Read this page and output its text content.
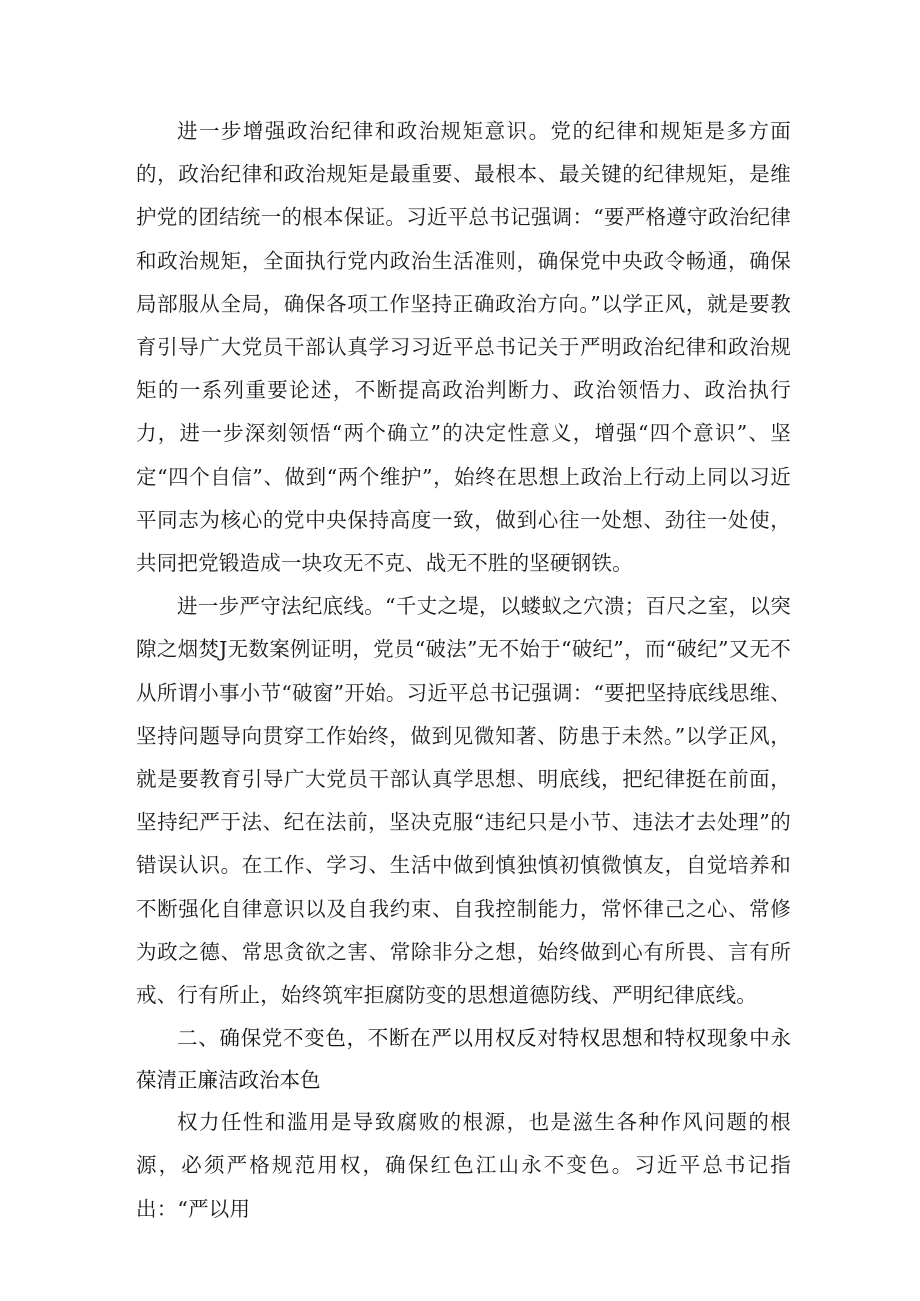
进一步增强政治纪律和政治规矩意识。党的纪律和规矩是多方面的，政治纪律和政治规矩是最重要、最根本、最关键的纪律规矩，是维护党的团结统一的根本保证。习近平总书记强调：“要严格遵守政治纪律和政治规矩，全面执行党内政治生活准则，确保党中央政令畅通，确保局部服从全局，确保各项工作坚持正确政治方向。”以学正风，就是要教育引导广大党员干部认真学习习近平总书记关于严明政治纪律和政治规矩的一系列重要论述，不断提高政治判断力、政治领悟力、政治执行力，进一步深刻领悟“两个确立”的决定性意义，增强“四个意识”、坚定“四个自信”、做到“两个维护”，始终在思想上政治上行动上同以习近平同志为核心的党中央保持高度一致，做到心往一处想、劲往一处使，共同把党锻造成一块攻无不克、战无不胜的坚硬钢铁。

进一步严守法纪底线。“千丈之堤，以蝼蚁之穴溃；百尺之室，以突隙之烟焚J无数案例证明，党员“破法”无不始于“破纪”，而“破纪”又无不从所谓小事小节“破窗”开始。习近平总书记强调：“要把坚持底线思维、坚持问题导向贯穿工作始终，做到见微知著、防患于未然。”以学正风，就是要教育引导广大党员干部认真学思想、明底线，把纪律挺在前面，坚持纪严于法、纪在法前，坚决克服“违纪只是小节、违法才去处理”的错误认识。在工作、学习、生活中做到慎独慎初慎微慎友，自觉培养和不断强化自律意识以及自我约束、自我控制能力，常怀律己之心、常修为政之德、常思贪欲之害、常除非分之想，始终做到心有所畏、言有所戒、行有所止，始终筑牢拒腐防变的思想道德防线、严明纪律底线。

二、确保党不变色，不断在严以用权反对特权思想和特权现象中永葆清正廉洁政治本色

权力任性和滥用是导致腐败的根源，也是滋生各种作风问题的根源，必须严格规范用权，确保红色江山永不变色。习近平总书记指出：“严以用
